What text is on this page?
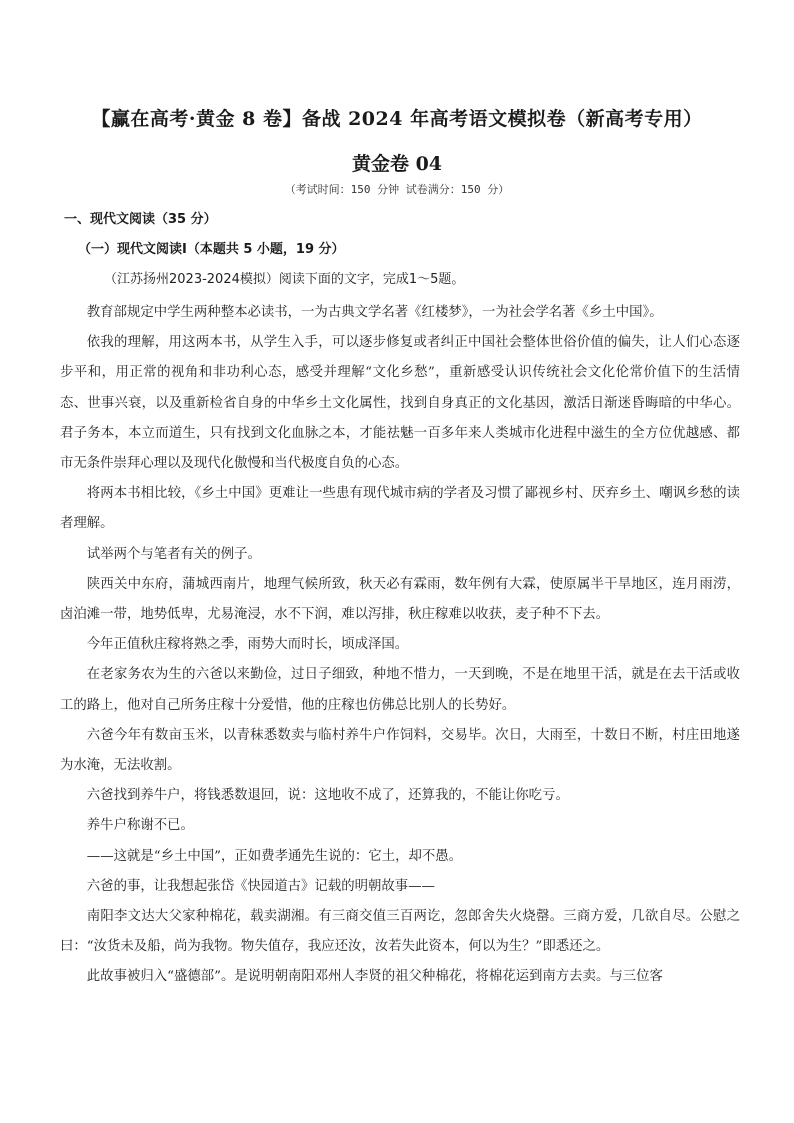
【赢在高考·黄金 8 卷】备战 2024 年高考语文模拟卷（新高考专用）
黄金卷 04
（考试时间：150 分钟 试卷满分：150 分）
一、现代文阅读（35 分）
（一）现代文阅读Ⅰ（本题共 5 小题，19 分）
（江苏扬州2023-2024模拟）阅读下面的文字，完成1～5题。

教育部规定中学生两种整本必读书，一为古典文学名著《红楼梦》，一为社会学名著《乡土中国》。

依我的理解，用这两本书，从学生入手，可以逐步修复或者纠正中国社会整体世俗价值的偏失，让人们心态逐步平和，用正常的视角和非功利心态，感受并理解“文化乡愁”，重新感受认识传统社会文化伦常价值下的生活情态、世事兴衰，以及重新检省自身的中华乡土文化属性，找到自身真正的文化基因，激活日渐迷昏晦暗的中华心。君子务本，本立而道生，只有找到文化血脉之本，才能祛魅一百多年来人类城市化进程中滋生的全方位优越感、都市无条件崇拜心理以及现代化傲慢和当代极度自负的心态。

将两本书相比较，《乡土中国》更难让一些患有现代城市病的学者及习惯了鄙视乡村、厌弃乡土、嘲讽乡愁的读者理解。

试举两个与笔者有关的例子。

陕西关中东府，蒲城西南片，地理气候所致，秋天必有霖雨，数年例有大霖，使原属半干旱地区，连月雨涝，卤泊滩一带，地势低卑，尤易淹浸，水不下润，难以泻排，秋庄稼难以收获，麦子种不下去。

今年正值秋庄稼将熟之季，雨势大而时长，顷成泽国。

在老家务农为生的六爸以来勤俭，过日子细致，种地不惜力，一天到晚，不是在地里干活，就是在去干活或收工的路上，他对自己所务庄稼十分爱惜，他的庄稼也仿佛总比别人的长势好。

六爸今年有数亩玉米，以青秣悉数卖与临村养牛户作饲料，交易毕。次日，大雨至，十数日不断，村庄田地遂为水淹，无法收割。

六爸找到养牛户，将钱悉数退回，说：这地收不成了，还算我的，不能让你吃亏。

养牛户称谢不已。

——这就是“乡土中国”，正如费孝通先生说的：它土，却不愚。

六爸的事，让我想起张岱《快园道古》记载的明朝故事——

南阳李文达大父家种棉花，载卖湖湘。有三商交值三百两讫，忽郎舍失火烧罄。三商方爱，几欲自尽。公慰之曰：“汝货未及船，尚为我物。物失值存，我应还汝，汝若失此资本，何以为生？”即悉还之。

此故事被归入“盛德部”。是说明朝南阳邓州人李贤的祖父种棉花，将棉花运到南方去卖。与三位客
